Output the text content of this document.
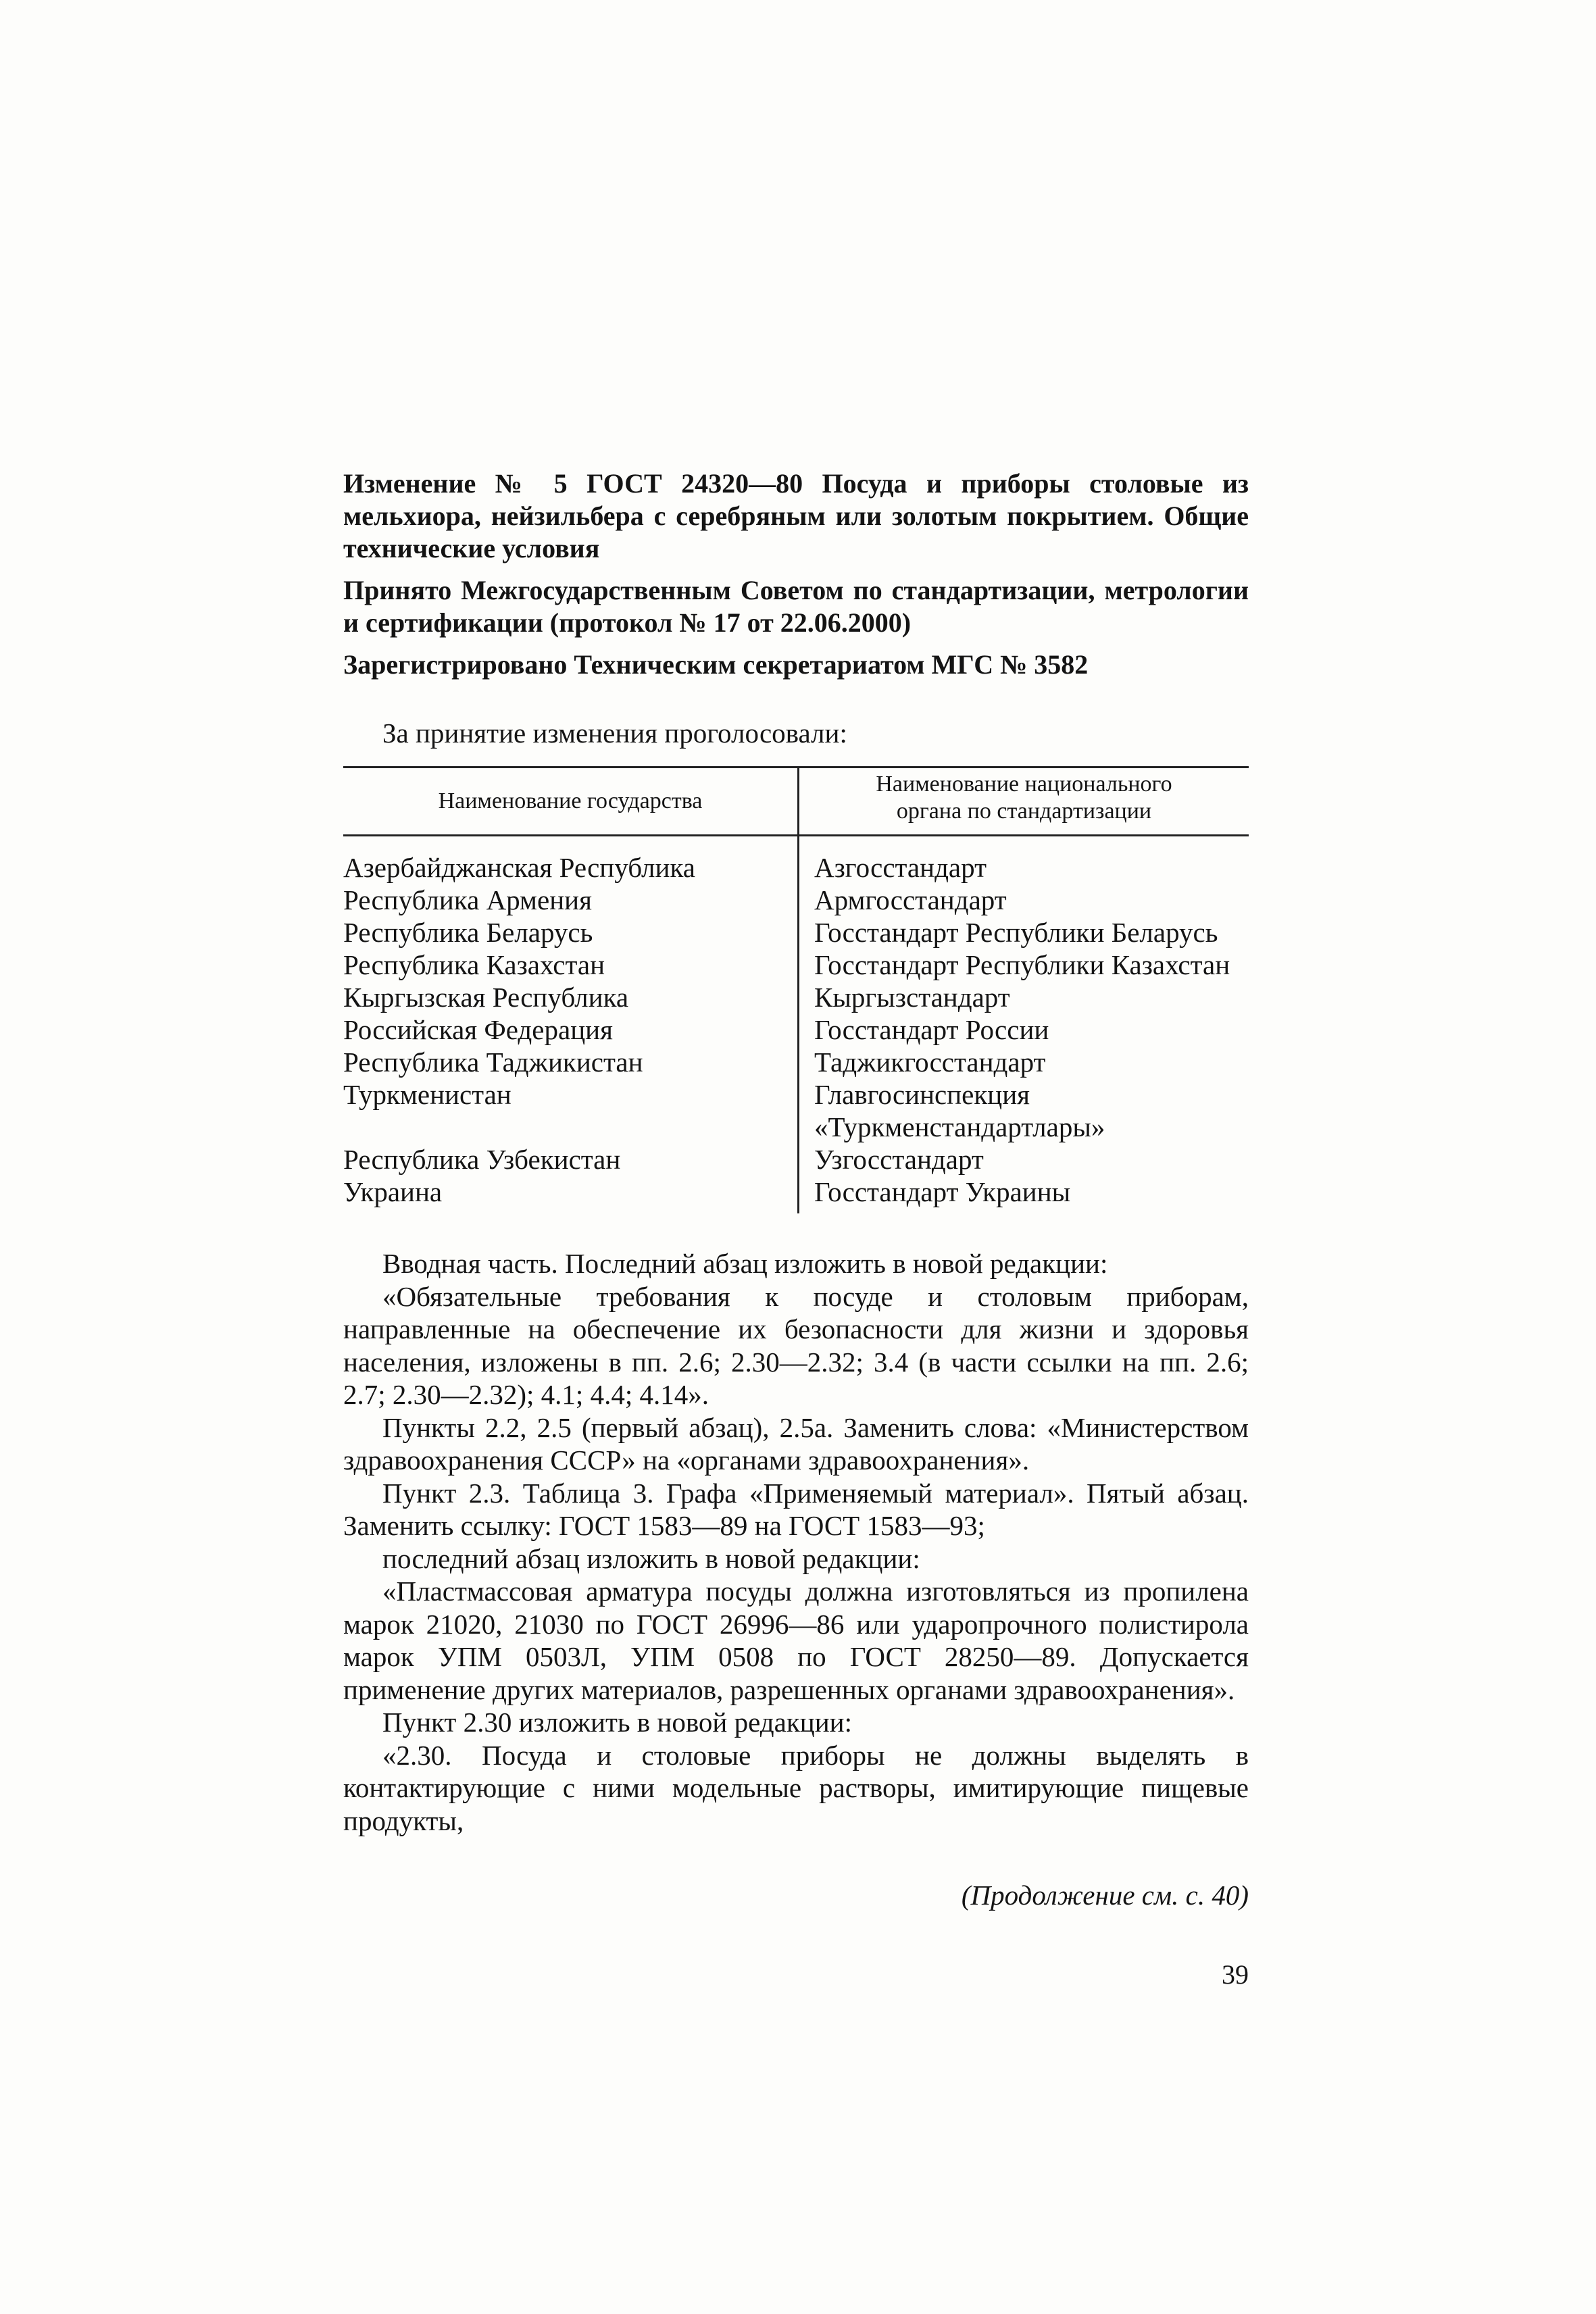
Изменение № 5 ГОСТ 24320—80 Посуда и приборы столовые из мельхиора, нейзильбера с серебряным или золотым покрытием. Общие технические условия

Принято Межгосударственным Советом по стандартизации, метрологии и сертификации (протокол № 17 от 22.06.2000)

Зарегистрировано Техническим секретариатом МГС № 3582

За принятие изменения проголосовали:
Наименование государства
Наименование национального
органа по стандартизации
Азербайджанская Республика
Республика Армения
Республика Беларусь
Республика Казахстан
Кыргызская Республика
Российская Федерация
Республика Таджикистан
Туркменистан
Республика Узбекистан
Украина
Азгосстандарт
Армгосстандарт
Госстандарт Республики Беларусь
Госстандарт Республики Казахстан
Кыргызстандарт
Госстандарт России
Таджикгосстандарт
Главгосинспекция «Туркменстандартлары»
Узгосстандарт
Госстандарт Украины

Вводная часть. Последний абзац изложить в новой редакции:

«Обязательные требования к посуде и столовым приборам, направленные на обеспечение их безопасности для жизни и здоровья населения, изложены в пп. 2.6; 2.30—2.32; 3.4 (в части ссылки на пп. 2.6; 2.7; 2.30—2.32); 4.1; 4.4; 4.14».

Пункты 2.2, 2.5 (первый абзац), 2.5а. Заменить слова: «Министерством здравоохранения СССР» на «органами здравоохранения».

Пункт 2.3. Таблица 3. Графа «Применяемый материал». Пятый абзац. Заменить ссылку: ГОСТ 1583—89 на ГОСТ 1583—93;

последний абзац изложить в новой редакции:

«Пластмассовая арматура посуды должна изготовляться из пропилена марок 21020, 21030 по ГОСТ 26996—86 или ударопрочного полистирола марок УПМ 0503Л, УПМ 0508 по ГОСТ 28250—89. Допускается применение других материалов, разрешенных органами здравоохранения».

Пункт 2.30 изложить в новой редакции:

«2.30. Посуда и столовые приборы не должны выделять в контактирующие с ними модельные растворы, имитирующие пищевые продукты,

(Продолжение см. с. 40)
39
